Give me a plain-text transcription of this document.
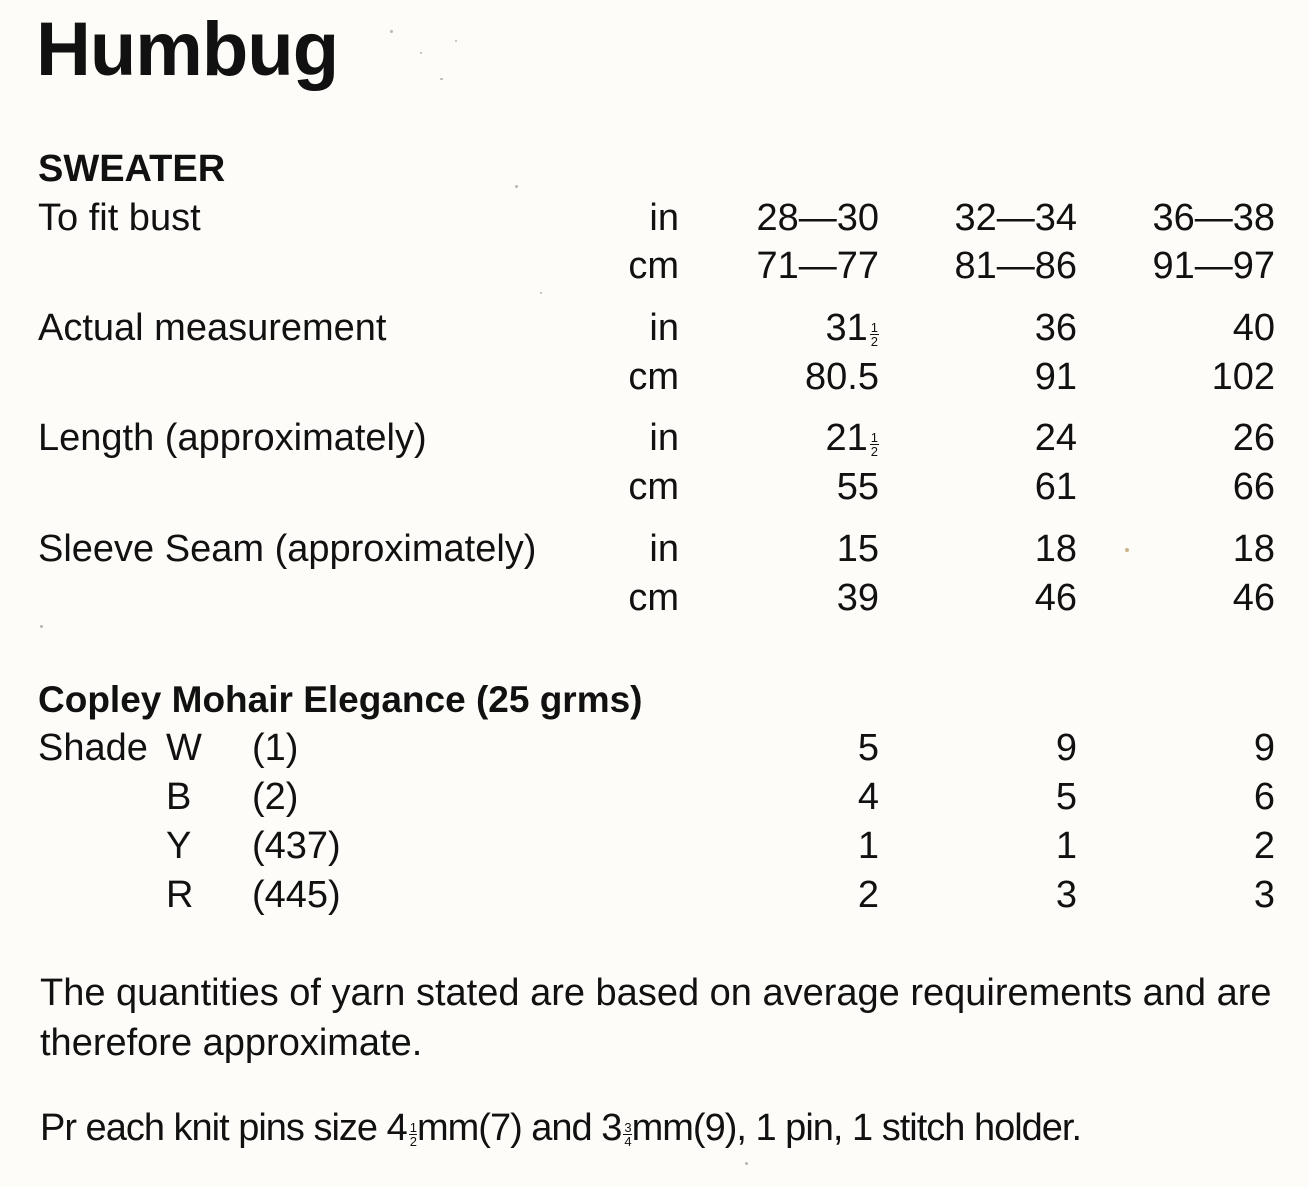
Humbug
SWEATER
To fit bust	in 28—30 32—34 36—38
cm 71—77 81—86 91—97
Actual measurement	in	$31 \frac{1}{2}$	36	40
cm	80.5	91	102
Length (approximately)	in	$21 \frac{1}{2}$	24	26
cm	55	61	66
Sleeve Seam (approximately)	in	15	18	18
cm	39	46	46
Copley Mohair Elegance (25 grms)
Shade W (1)	5	9	9
B (2)	4	5	6
Y (437)	1	1	2
R (445)	2	3	3
The quantities of yarn stated are based on average requirements and are therefore approximate.
Pr each knit pins size $4 \frac{1}{2} mm(7)$ and $3 \frac{3}{4} mm(9)$, 1 pin, 1 stitch holder.
